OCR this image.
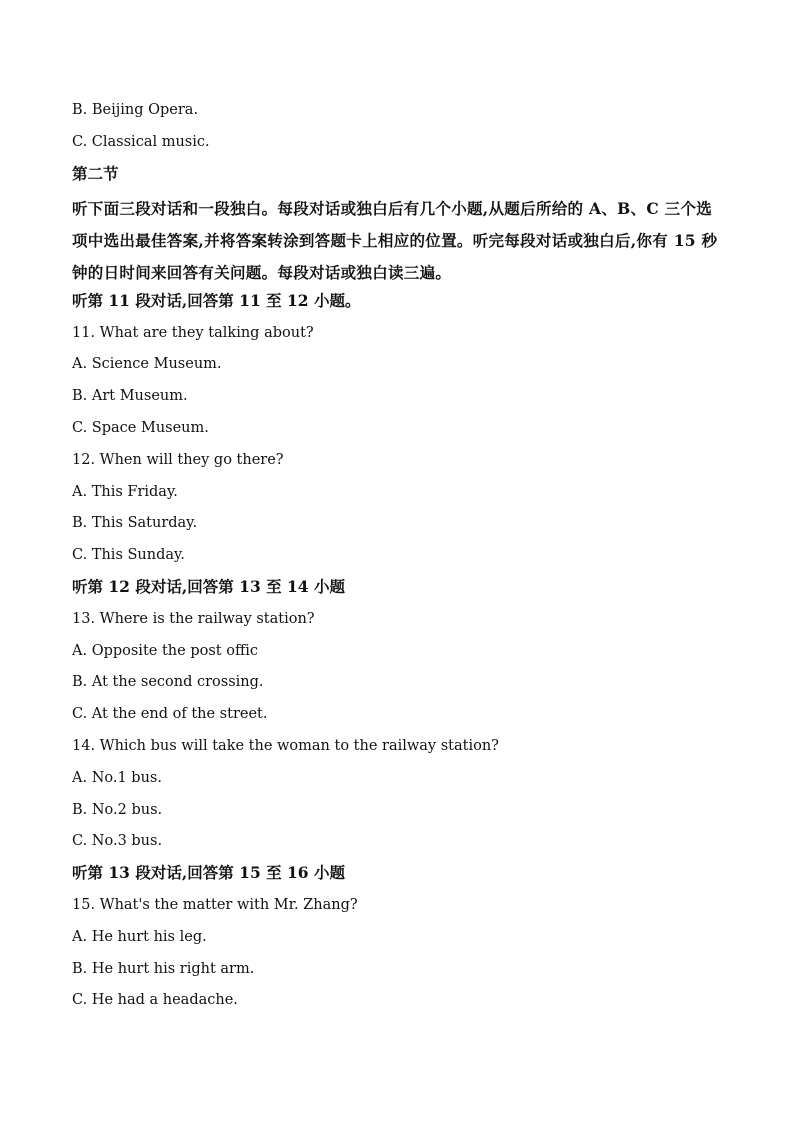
B. Beijing Opera.
C. Classical music.
第二节
听下面三段对话和一段独白。每段对话或独白后有几个小题,从题后所给的 A、B、C 三个选
项中选出最佳答案,并将答案转涂到答题卡上相应的位置。听完每段对话或独白后,你有 15 秒
钟的日时间来回答有关问题。每段对话或独白读三遍。
听第 11 段对话,回答第 11 至 12 小题。
11. What are they talking about?
A. Science Museum.
B. Art Museum.
C. Space Museum.
12. When will they go there?
A. This Friday.
B. This Saturday.
C. This Sunday.
听第 12 段对话,回答第 13 至 14 小题
13. Where is the railway station?
A. Opposite the post offic
B. At the second crossing.
C. At the end of the street.
14. Which bus will take the woman to the railway station?
A. No.1 bus.
B. No.2 bus.
C. No.3 bus.
听第 13 段对话,回答第 15 至 16 小题
15. What's the matter with Mr. Zhang?
A. He hurt his leg.
B. He hurt his right arm.
C. He had a headache.
